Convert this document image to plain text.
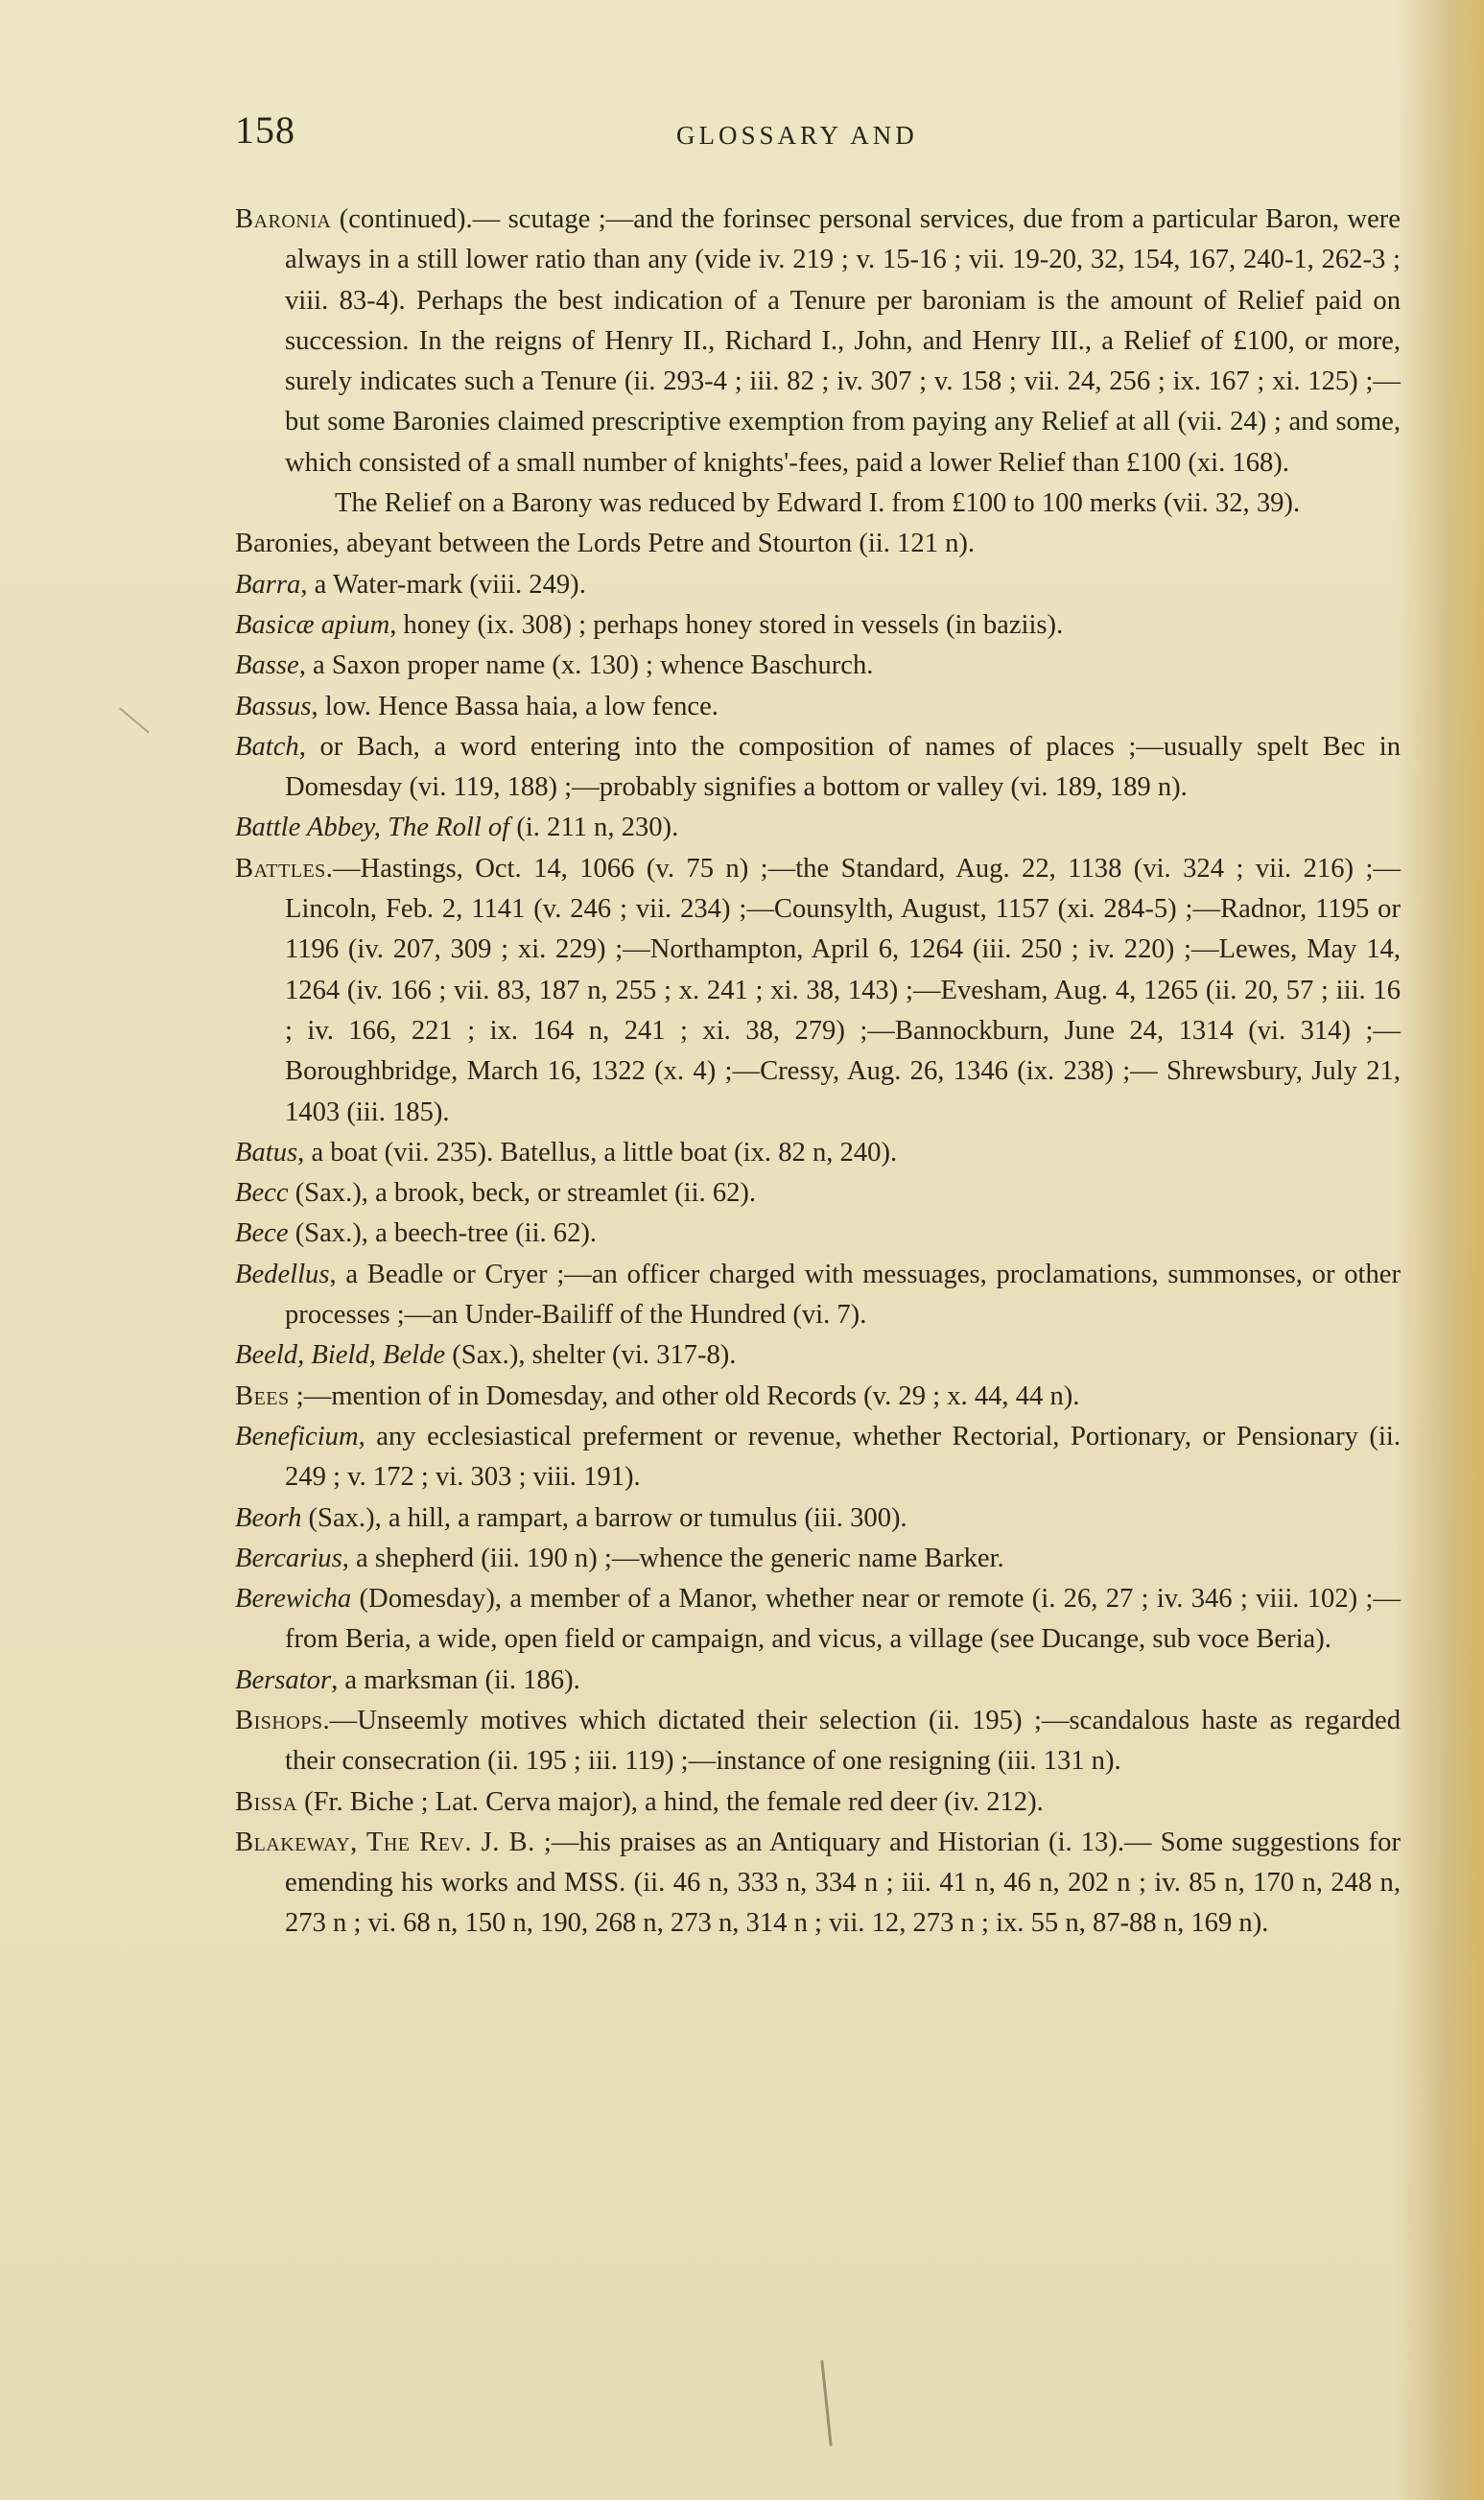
158	GLOSSARY AND

Baronia (continued).— scutage ;—and the forinsec personal services, due from a particular Baron, were always in a still lower ratio than any (vide iv. 219 ; v. 15-16 ; vii. 19-20, 32, 154, 167, 240-1, 262-3 ; viii. 83-4). Perhaps the best indication of a Tenure per baroniam is the amount of Relief paid on succession. In the reigns of Henry II., Richard I., John, and Henry III., a Relief of £100, or more, surely indicates such a Tenure (ii. 293-4 ; iii. 82 ; iv. 307 ; v. 158 ; vii. 24, 256 ; ix. 167 ; xi. 125) ;— but some Baronies claimed prescriptive exemption from paying any Relief at all (vii. 24) ; and some, which consisted of a small number of knights'-fees, paid a lower Relief than £100 (xi. 168).

The Relief on a Barony was reduced by Edward I. from £100 to 100 merks (vii. 32, 39).

Baronies, abeyant between the Lords Petre and Stourton (ii. 121 n).

Barra, a Water-mark (viii. 249).

Basicæ apium, honey (ix. 308) ; perhaps honey stored in vessels (in baziis).

Basse, a Saxon proper name (x. 130) ; whence Baschurch.

Bassus, low. Hence Bassa haia, a low fence.

Batch, or Bach, a word entering into the composition of names of places ;—usually spelt Bec in Domesday (vi. 119, 188) ;—probably signifies a bottom or valley (vi. 189, 189 n).

Battle Abbey, The Roll of (i. 211 n, 230).

Battles.—Hastings, Oct. 14, 1066 (v. 75 n) ;—the Standard, Aug. 22, 1138 (vi. 324 ; vii. 216) ;—Lincoln, Feb. 2, 1141 (v. 246 ; vii. 234) ;—Counsylth, August, 1157 (xi. 284-5) ;—Radnor, 1195 or 1196 (iv. 207, 309 ; xi. 229) ;—Northampton, April 6, 1264 (iii. 250 ; iv. 220) ;—Lewes, May 14, 1264 (iv. 166 ; vii. 83, 187 n, 255 ; x. 241 ; xi. 38, 143) ;—Evesham, Aug. 4, 1265 (ii. 20, 57 ; iii. 16 ; iv. 166, 221 ; ix. 164 n, 241 ; xi. 38, 279) ;—Bannockburn, June 24, 1314 (vi. 314) ;— Boroughbridge, March 16, 1322 (x. 4) ;—Cressy, Aug. 26, 1346 (ix. 238) ;— Shrewsbury, July 21, 1403 (iii. 185).

Batus, a boat (vii. 235). Batellus, a little boat (ix. 82 n, 240).

Becc (Sax.), a brook, beck, or streamlet (ii. 62).

Bece (Sax.), a beech-tree (ii. 62).

Bedellus, a Beadle or Cryer ;—an officer charged with messuages, proclamations, summonses, or other processes ;—an Under-Bailiff of the Hundred (vi. 7).

Beeld, Bield, Belde (Sax.), shelter (vi. 317-8).

Bees ;—mention of in Domesday, and other old Records (v. 29 ; x. 44, 44 n).

Beneficium, any ecclesiastical preferment or revenue, whether Rectorial, Portionary, or Pensionary (ii. 249 ; v. 172 ; vi. 303 ; viii. 191).

Beorh (Sax.), a hill, a rampart, a barrow or tumulus (iii. 300).

Bercarius, a shepherd (iii. 190 n) ;—whence the generic name Barker.

Berewicha (Domesday), a member of a Manor, whether near or remote (i. 26, 27 ; iv. 346 ; viii. 102) ;—from Beria, a wide, open field or campaign, and vicus, a village (see Ducange, sub voce Beria).

Bersator, a marksman (ii. 186).

Bishops.—Unseemly motives which dictated their selection (ii. 195) ;—scandalous haste as regarded their consecration (ii. 195 ; iii. 119) ;—instance of one resigning (iii. 131 n).

Bissa (Fr. Biche ; Lat. Cerva major), a hind, the female red deer (iv. 212).

Blakeway, The Rev. J. B. ;—his praises as an Antiquary and Historian (i. 13).— Some suggestions for emending his works and MSS. (ii. 46 n, 333 n, 334 n ; iii. 41 n, 46 n, 202 n ; iv. 85 n, 170 n, 248 n, 273 n ; vi. 68 n, 150 n, 190, 268 n, 273 n, 314 n ; vii. 12, 273 n ; ix. 55 n, 87-88 n, 169 n).
